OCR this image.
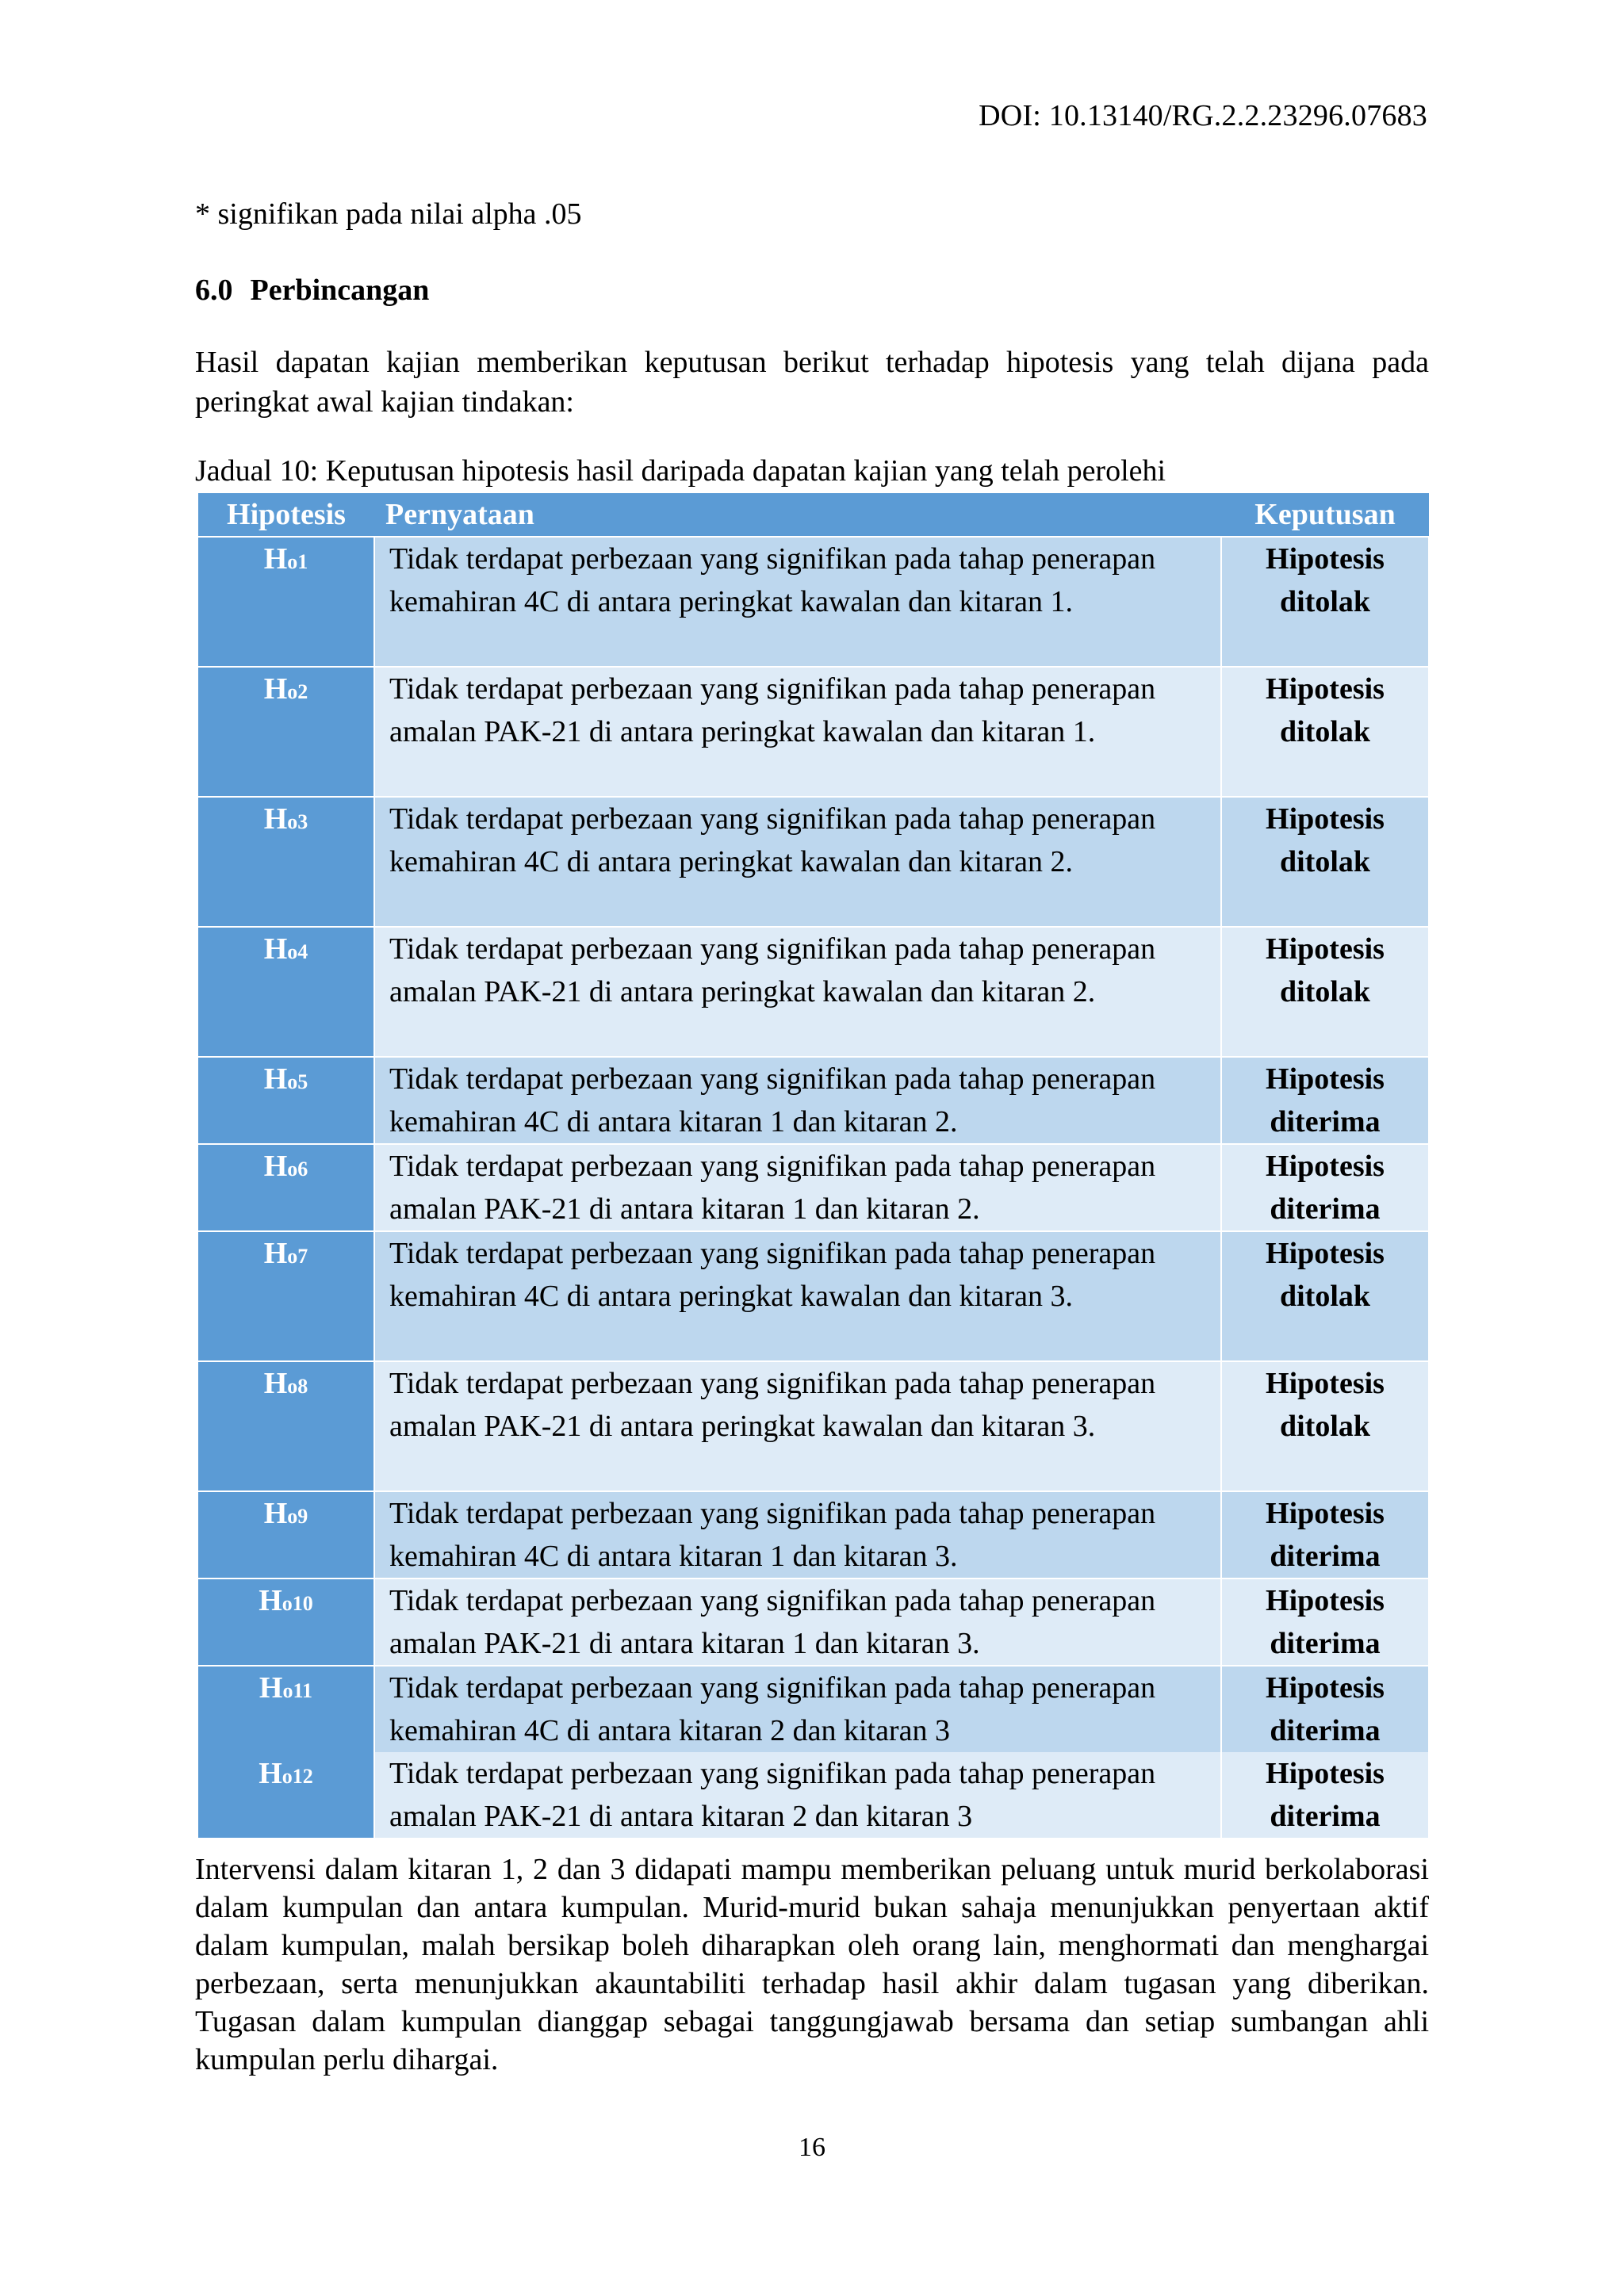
DOI: 10.13140/RG.2.2.23296.07683
* signifikan pada nilai alpha .05
6.0 Perbincangan
Hasil dapatan kajian memberikan keputusan berikut terhadap hipotesis yang telah dijana pada peringkat awal kajian tindakan:
Jadual 10: Keputusan hipotesis hasil daripada dapatan kajian yang telah perolehi
Hipotesis	Pernyataan	Keputusan
Ho1	Tidak terdapat perbezaan yang signifikan pada tahap penerapan kemahiran 4C di antara peringkat kawalan dan kitaran 1.	Hipotesis
ditolak

Ho2	Tidak terdapat perbezaan yang signifikan pada tahap penerapan amalan PAK-21 di antara peringkat kawalan dan kitaran 1.	Hipotesis
ditolak

Ho3	Tidak terdapat perbezaan yang signifikan pada tahap penerapan kemahiran 4C di antara peringkat kawalan dan kitaran 2.	Hipotesis
ditolak

Ho4	Tidak terdapat perbezaan yang signifikan pada tahap penerapan amalan PAK-21 di antara peringkat kawalan dan kitaran 2.	Hipotesis
ditolak

Ho5	Tidak terdapat perbezaan yang signifikan pada tahap penerapan kemahiran 4C di antara kitaran 1 dan kitaran 2.	Hipotesis
diterima

Ho6	Tidak terdapat perbezaan yang signifikan pada tahap penerapan amalan PAK-21 di antara kitaran 1 dan kitaran 2.	Hipotesis
diterima

Ho7	Tidak terdapat perbezaan yang signifikan pada tahap penerapan kemahiran 4C di antara peringkat kawalan dan kitaran 3.	Hipotesis
ditolak

Ho8	Tidak terdapat perbezaan yang signifikan pada tahap penerapan amalan PAK-21 di antara peringkat kawalan dan kitaran 3.	Hipotesis
ditolak

Ho9	Tidak terdapat perbezaan yang signifikan pada tahap penerapan kemahiran 4C di antara kitaran 1 dan kitaran 3.	Hipotesis
diterima

Ho10	Tidak terdapat perbezaan yang signifikan pada tahap penerapan amalan PAK-21 di antara kitaran 1 dan kitaran 3.	Hipotesis
diterima

Ho11	Tidak terdapat perbezaan yang signifikan pada tahap penerapan kemahiran 4C di antara kitaran 2 dan kitaran 3	Hipotesis
diterima

Ho12	Tidak terdapat perbezaan yang signifikan pada tahap penerapan amalan PAK-21 di antara kitaran 2 dan kitaran 3	Hipotesis
diterima
Intervensi dalam kitaran 1, 2 dan 3 didapati mampu memberikan peluang untuk murid berkolaborasi dalam kumpulan dan antara kumpulan. Murid-murid bukan sahaja menunjukkan penyertaan aktif dalam kumpulan, malah bersikap boleh diharapkan oleh orang lain, menghormati dan menghargai perbezaan, serta menunjukkan akauntabiliti terhadap hasil akhir dalam tugasan yang diberikan. Tugasan dalam kumpulan dianggap sebagai tanggungjawab bersama dan setiap sumbangan ahli kumpulan perlu dihargai.
16
